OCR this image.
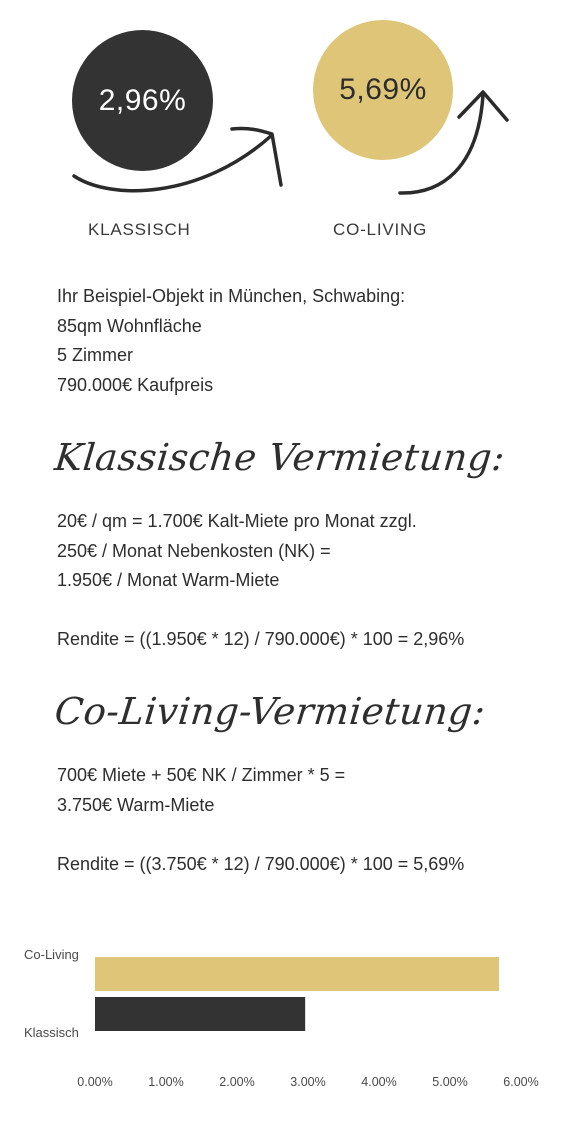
2,96%	5,69%
KLASSISCH	CO-LIVING

Ihr Beispiel-Objekt in München, Schwabing:

85qm Wohnfläche

5 Zimmer

790.000€ Kaufpreis

Klassische Vermietung:

20€ / qm = 1.700€ Kalt-Miete pro Monat zzgl.

250€ / Monat Nebenkosten (NK) =

1.950€ / Monat Warm-Miete

Rendite = ((1.950€ * 12) / 790.000€) * 100 = 2,96%

Co-Living-Vermietung:

700€ Miete + 50€ NK / Zimmer * 5 =

3.750€ Warm-Miete

Rendite = ((3.750€ * 12) / 790.000€) * 100 = 5,69%

Co-Living
Klassisch
0.00%	1.00%	2.00%	3.00%	4.00%	5.00%	6.00%
